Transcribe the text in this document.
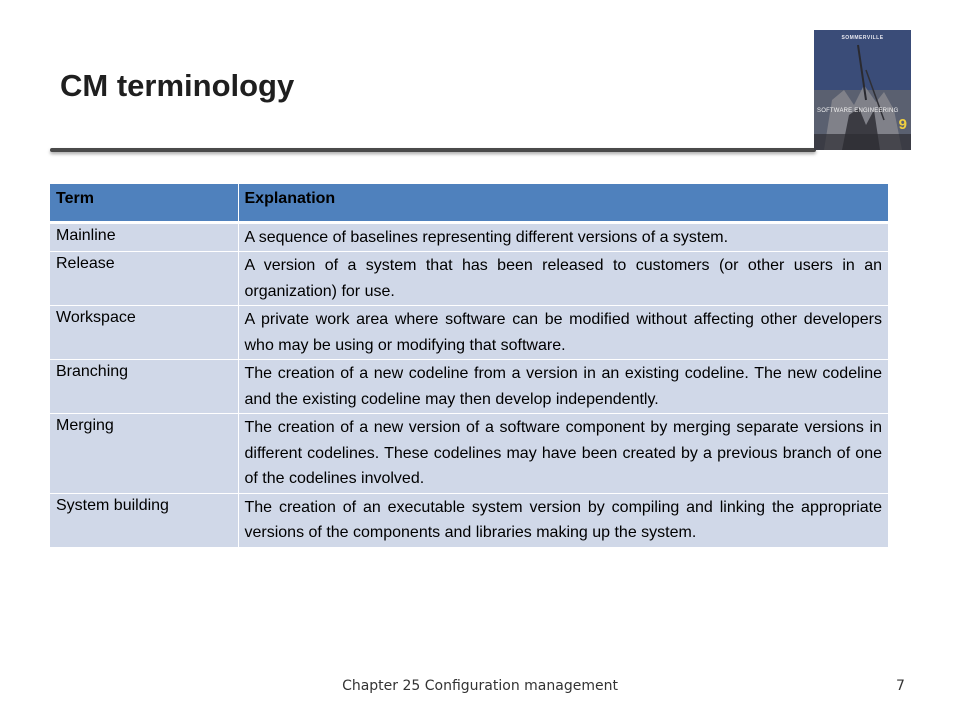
CM terminology
SOMMERVILLE
SOFTWARE ENGINEERING
9
Term	Explanation
Mainline	A sequence of baselines representing different versions of a system.
Release	A version of a system that has been released to customers (or other users in an organization) for use.
Workspace	A private work area where software can be modified without affecting other developers who may be using or modifying that software.
Branching	The creation of a new codeline from a version in an existing codeline. The new codeline and the existing codeline may then develop independently.
Merging	The creation of a new version of a software component by merging separate versions in different codelines. These codelines may have been created by a previous branch of one of the codelines involved.
System building	The creation of an executable system version by compiling and linking the appropriate versions of the components and libraries making up the system.
Chapter 25 Configuration management	7
